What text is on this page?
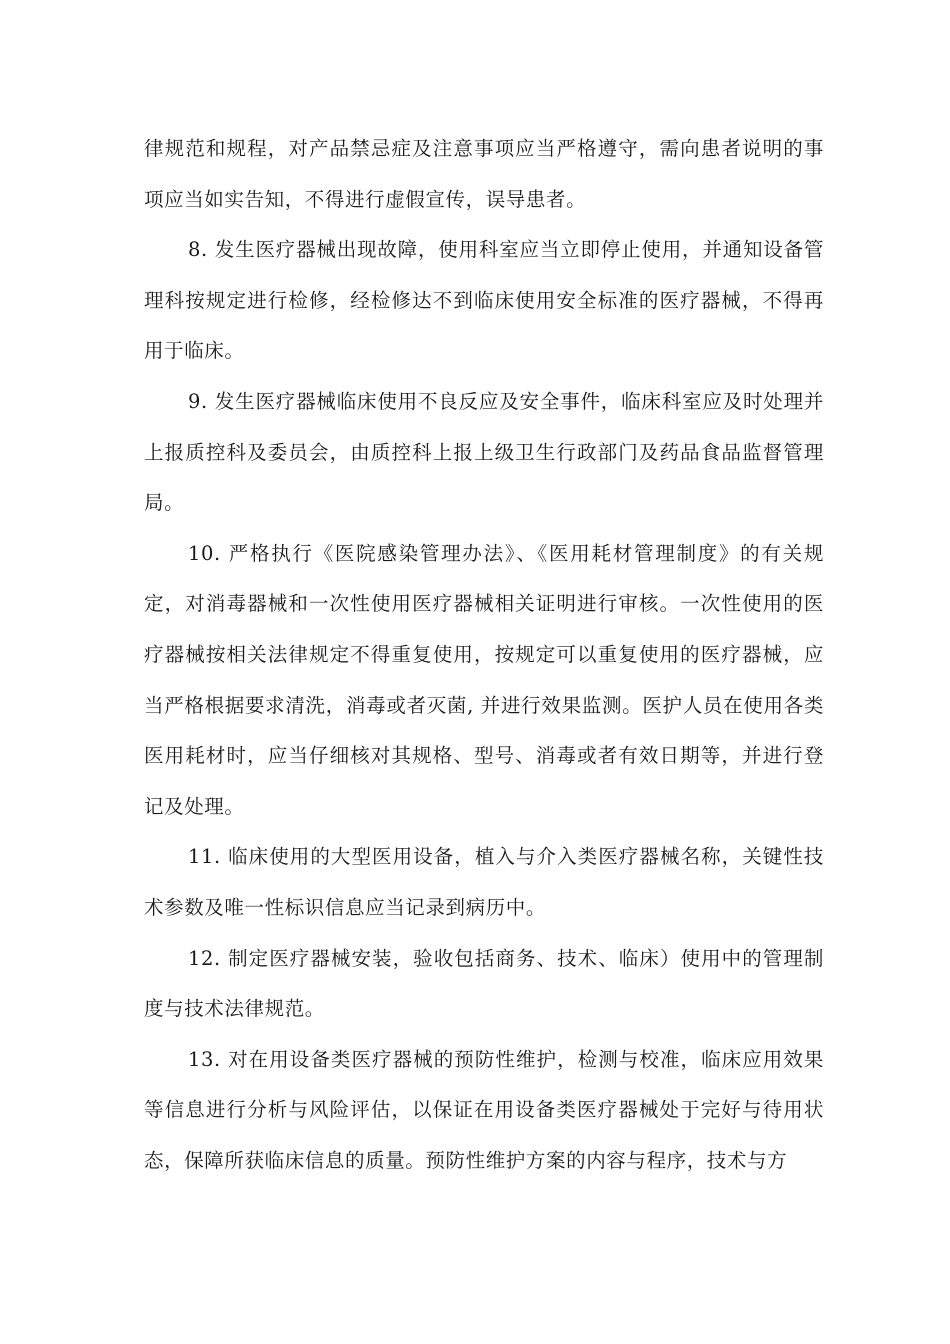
律规范和规程，对产品禁忌症及注意事项应当严格遵守，需向患者说明的事项应当如实告知，不得进行虚假宣传，误导患者。

8. 发生医疗器械出现故障，使用科室应当立即停止使用，并通知设备管理科按规定进行检修，经检修达不到临床使用安全标准的医疗器械，不得再用于临床。

9. 发生医疗器械临床使用不良反应及安全事件，临床科室应及时处理并上报质控科及委员会，由质控科上报上级卫生行政部门及药品食品监督管理局。

10. 严格执行《医院感染管理办法》、《医用耗材管理制度》的有关规定，对消毒器械和一次性使用医疗器械相关证明进行审核。一次性使用的医疗器械按相关法律规定不得重复使用，按规定可以重复使用的医疗器械，应当严格根据要求清洗，消毒或者灭菌, 并进行效果监测。医护人员在使用各类医用耗材时，应当仔细核对其规格、型号、消毒或者有效日期等，并进行登记及处理。

11. 临床使用的大型医用设备，植入与介入类医疗器械名称，关键性技术参数及唯一性标识信息应当记录到病历中。

12. 制定医疗器械安装，验收包括商务、技术、临床）使用中的管理制度与技术法律规范。

13. 对在用设备类医疗器械的预防性维护，检测与校准，临床应用效果等信息进行分析与风险评估，以保证在用设备类医疗器械处于完好与待用状态，保障所获临床信息的质量。预防性维护方案的内容与程序，技术与方
